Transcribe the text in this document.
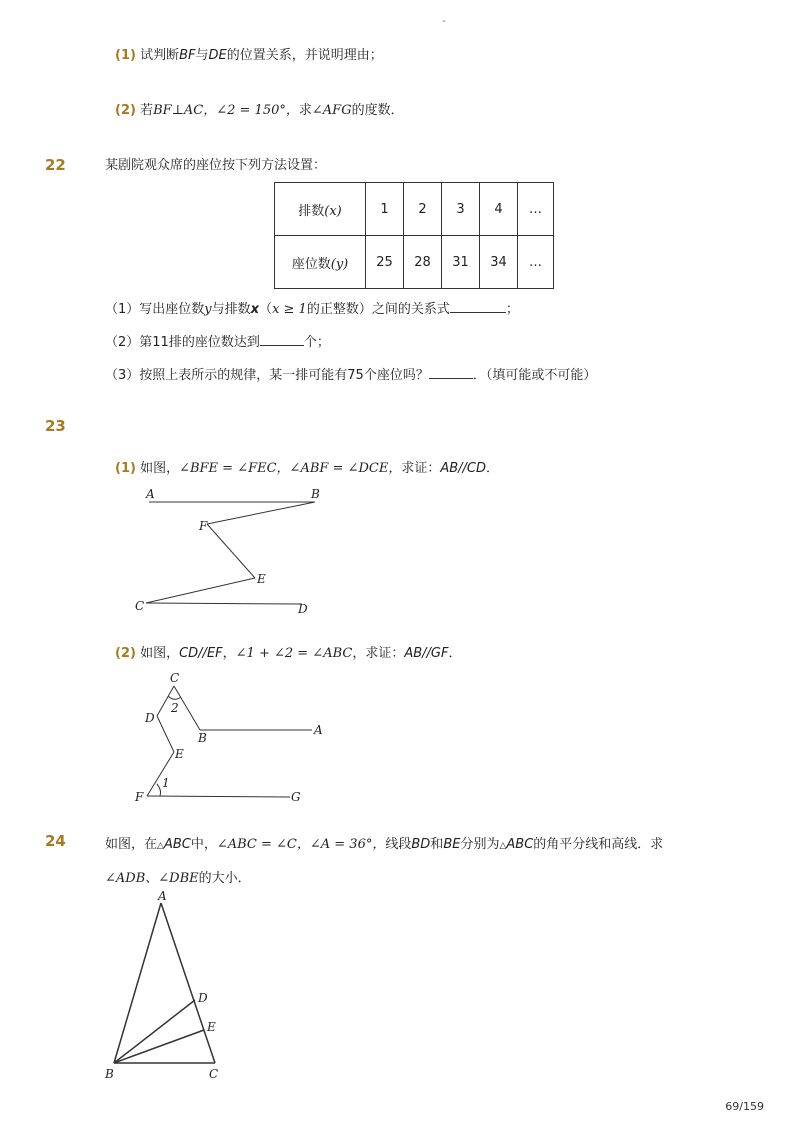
-
(1) 试判断BF与DE的位置关系，并说明理由；
(2) 若BF⊥AC，∠2 = 150°，求∠AFG的度数．
22	某剧院观众席的座位按下列方法设置：
排数(x)	1	2	3	4	…
座位数(y)	25	28	31	34	…
（1）写出座位数y与排数x（x ≥ 1的正整数）之间的关系式	；
（2）第11排的座位数达到	个；
（3）按照上表所示的规律，某一排可能有75个座位吗？	．（填可能或不可能）
23
(1) 如图，∠BFE = ∠FEC，∠ABF = ∠DCE，求证：AB//CD．
A	B
F
E
C	D
(2) 如图，CD//EF，∠1 + ∠2 = ∠ABC，求证：AB//GF．
C
2
D
B
A
E
1
F	G
24	如图，在△ABC中，∠ABC = ∠C，∠A = 36°，线段BD和BE分别为△ABC的角平分线和高线．求
∠ADB、∠DBE的大小．
A
D
E
B	C
69/159
